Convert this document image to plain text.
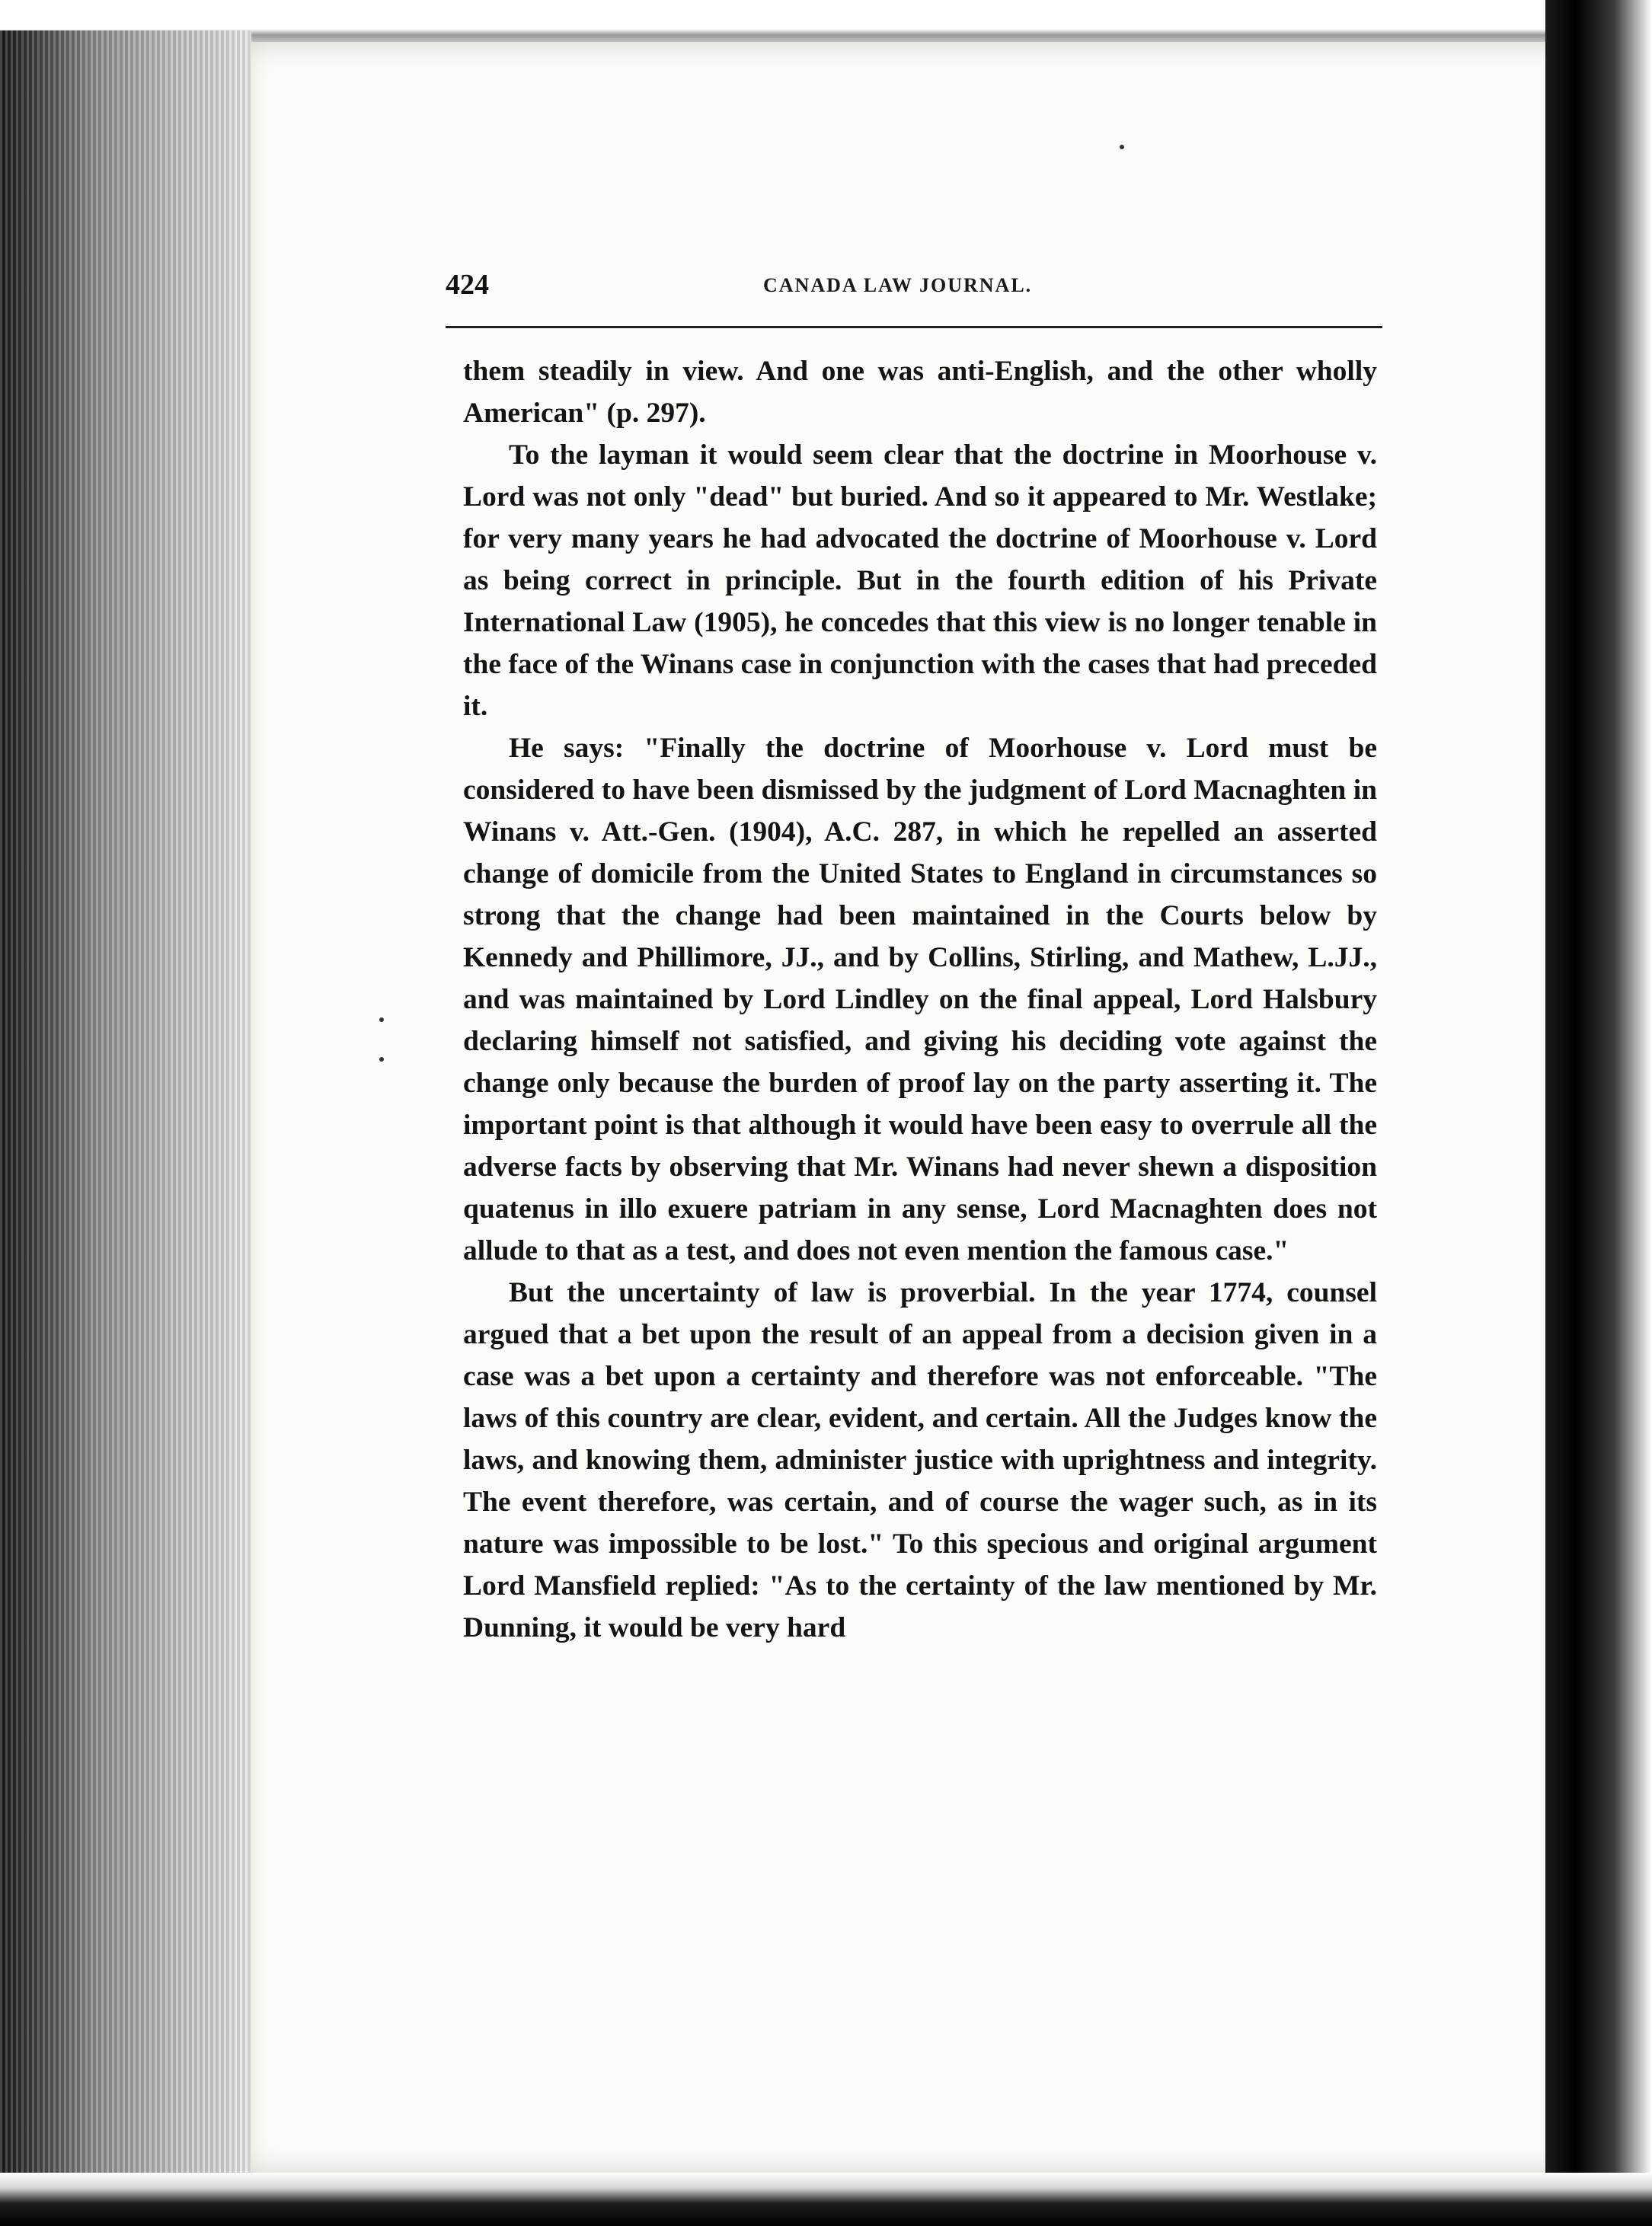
424	CANADA LAW JOURNAL.

them steadily in view. And one was anti-English, and the other wholly American" (p. 297).

To the layman it would seem clear that the doctrine in Moorhouse v. Lord was not only "dead" but buried. And so it appeared to Mr. Westlake; for very many years he had advocated the doctrine of Moorhouse v. Lord as being correct in principle. But in the fourth edition of his Private International Law (1905), he concedes that this view is no longer tenable in the face of the Winans case in conjunction with the cases that had preceded it.

He says: "Finally the doctrine of Moorhouse v. Lord must be considered to have been dismissed by the judgment of Lord Macnaghten in Winans v. Att.-Gen. (1904), A.C. 287, in which he repelled an asserted change of domicile from the United States to England in circumstances so strong that the change had been maintained in the Courts below by Kennedy and Phillimore, JJ., and by Collins, Stirling, and Mathew, L.JJ., and was maintained by Lord Lindley on the final appeal, Lord Halsbury declaring himself not satisfied, and giving his deciding vote against the change only because the burden of proof lay on the party asserting it. The important point is that although it would have been easy to overrule all the adverse facts by observing that Mr. Winans had never shewn a disposition quatenus in illo exuere patriam in any sense, Lord Macnaghten does not allude to that as a test, and does not even mention the famous case."

But the uncertainty of law is proverbial. In the year 1774, counsel argued that a bet upon the result of an appeal from a decision given in a case was a bet upon a certainty and therefore was not enforceable. "The laws of this country are clear, evident, and certain. All the Judges know the laws, and knowing them, administer justice with uprightness and integrity. The event therefore, was certain, and of course the wager such, as in its nature was impossible to be lost." To this specious and original argument Lord Mansfield replied: "As to the certainty of the law mentioned by Mr. Dunning, it would be very hard
